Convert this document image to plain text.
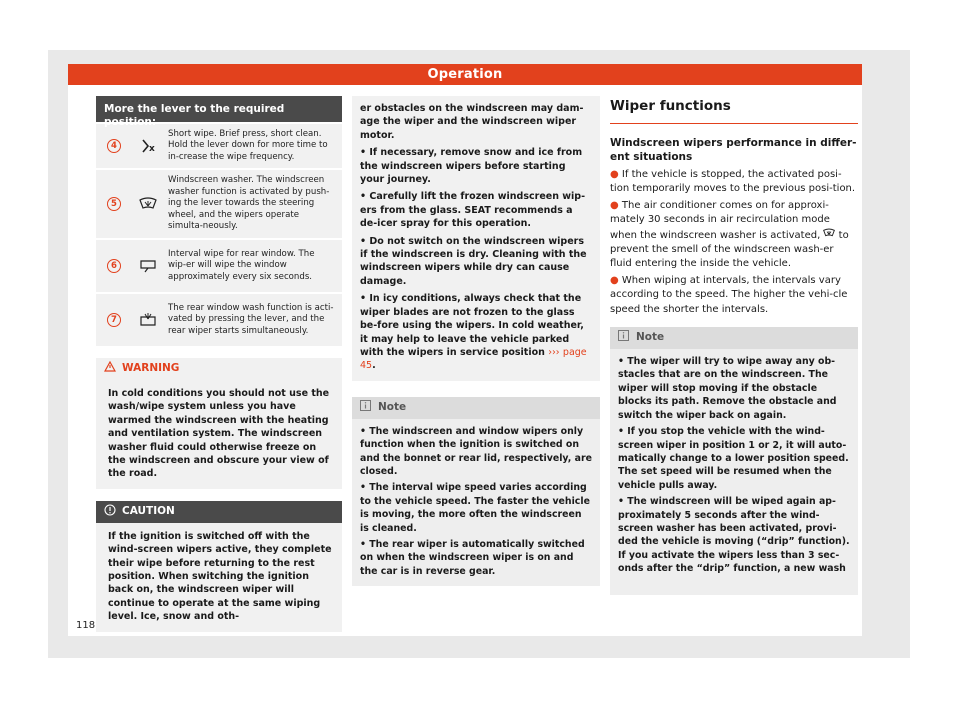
Operation
More the lever to the required position:
4	x
Short wipe. Brief press, short clean. Hold the lever down for more time to in-crease the wipe frequency.
5
Windscreen washer. The windscreen washer function is activated by push-ing the lever towards the steering wheel, and the wipers operate simulta-neously.
6
Interval wipe for rear window. The wip-er will wipe the window approximately every six seconds.
7
The rear window wash function is acti-vated by pressing the lever, and the rear wiper starts simultaneously.
WARNING
In cold conditions you should not use the wash/wipe system unless you have warmed the windscreen with the heating and ventilation system. The windscreen washer fluid could otherwise freeze on the windscreen and obscure your view of the road.
CAUTION
If the ignition is switched off with the wind-screen wipers active, they complete their wipe before returning to the rest position. When switching the ignition back on, the windscreen wiper will continue to operate at the same wiping level. Ice, snow and oth-
er obstacles on the windscreen may dam-age the wiper and the windscreen wiper motor.
• If necessary, remove snow and ice from the windscreen wipers before starting your journey.
• Carefully lift the frozen windscreen wip-ers from the glass. SEAT recommends a de-icer spray for this operation.
• Do not switch on the windscreen wipers if the windscreen is dry. Cleaning with the windscreen wipers while dry can cause damage.
• In icy conditions, always check that the wiper blades are not frozen to the glass be-fore using the wipers. In cold weather, it may help to leave the vehicle parked with the wipers in service position ››› page 45.
Note
• The windscreen and window wipers only function when the ignition is switched on and the bonnet or rear lid, respectively, are closed.
• The interval wipe speed varies according to the vehicle speed. The faster the vehicle is moving, the more often the windscreen is cleaned.
• The rear wiper is automatically switched on when the windscreen wiper is on and the car is in reverse gear.
Wiper functions
Windscreen wipers performance in differ-ent situations
● If the vehicle is stopped, the activated posi-tion temporarily moves to the previous posi-tion.
● The air conditioner comes on for approxi-mately 30 seconds in air recirculation mode when the windscreen washer is activated, to prevent the smell of the windscreen wash-er fluid entering the inside the vehicle.
● When wiping at intervals, the intervals vary according to the speed. The higher the vehi-cle speed the shorter the intervals.
Note
• The wiper will try to wipe away any ob-stacles that are on the windscreen. The wiper will stop moving if the obstacle blocks its path. Remove the obstacle and switch the wiper back on again.
• If you stop the vehicle with the wind-screen wiper in position 1 or 2, it will auto-matically change to a lower position speed. The set speed will be resumed when the vehicle pulls away.
• The windscreen will be wiped again ap-proximately 5 seconds after the wind-screen washer has been activated, provi-ded the vehicle is moving (“drip” function). If you activate the wipers less than 3 sec-onds after the “drip” function, a new wash
118
